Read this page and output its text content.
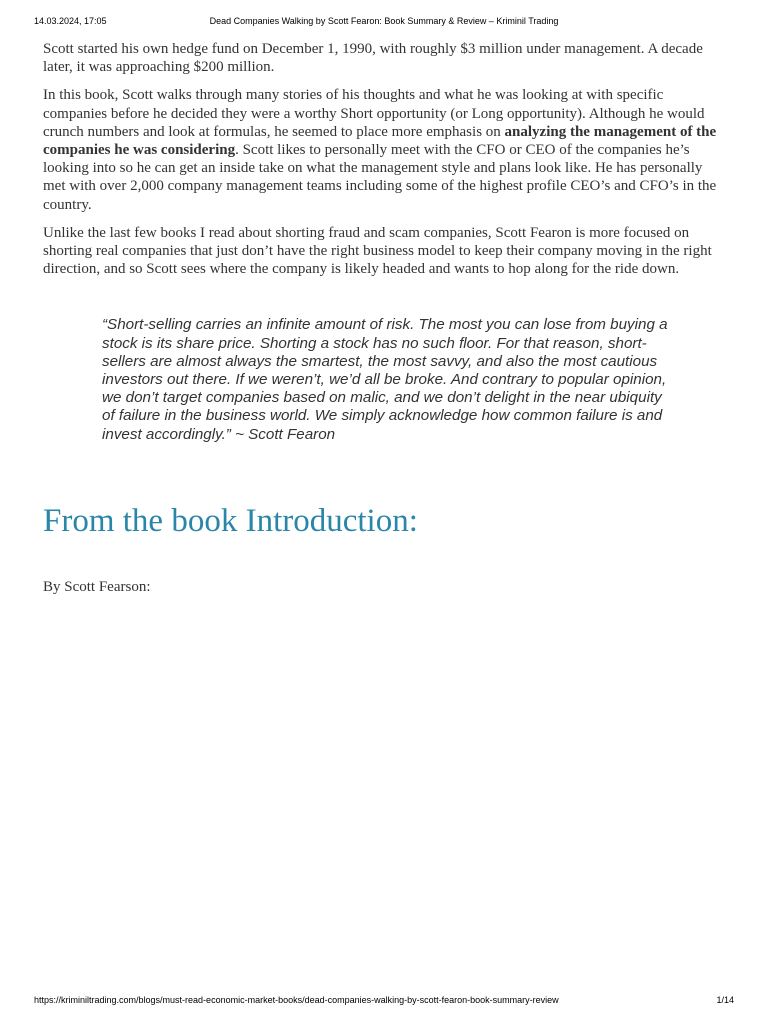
14.03.2024, 17:05	Dead Companies Walking by Scott Fearon: Book Summary & Review – Kriminil Trading

Scott started his own hedge fund on December 1, 1990, with roughly $3 million under management. A decade later, it was approaching $200 million.

In this book, Scott walks through many stories of his thoughts and what he was looking at with specific companies before he decided they were a worthy Short opportunity (or Long opportunity). Although he would crunch numbers and look at formulas, he seemed to place more emphasis on analyzing the management of the companies he was considering. Scott likes to personally meet with the CFO or CEO of the companies he’s looking into so he can get an inside take on what the management style and plans look like. He has personally met with over 2,000 company management teams including some of the highest profile CEO’s and CFO’s in the country.

Unlike the last few books I read about shorting fraud and scam companies, Scott Fearon is more focused on shorting real companies that just don’t have the right business model to keep their company moving in the right direction, and so Scott sees where the company is likely headed and wants to hop along for the ride down.

“Short-selling carries an infinite amount of risk. The most you can lose from buying a stock is its share price. Shorting a stock has no such floor. For that reason, short-sellers are almost always the smartest, the most savvy, and also the most cautious investors out there. If we weren’t, we’d all be broke. And contrary to popular opinion, we don’t target companies based on malic, and we don’t delight in the near ubiquity of failure in the business world. We simply acknowledge how common failure is and invest accordingly.” ~ Scott Fearon
From the book Introduction:
By Scott Fearson:
https://kriminiltrading.com/blogs/must-read-economic-market-books/dead-companies-walking-by-scott-fearon-book-summary-review	1/14
